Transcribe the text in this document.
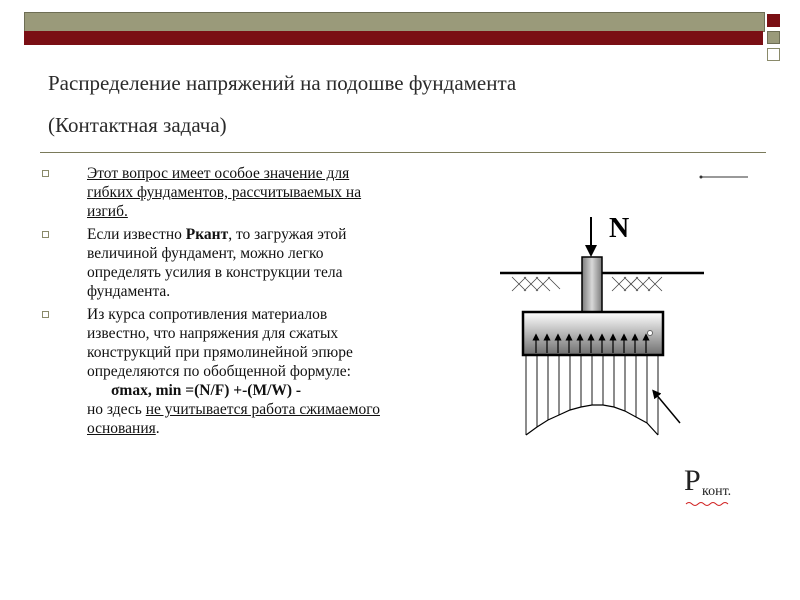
Распределение напряжений на подошве фундамента
(Контактная задача)
Этот вопрос имеет особое значение для гибких фундаментов, рассчитываемых на изгиб.
Если известно Ркант, то загружая этой величиной фундамент, можно легко определять усилия в конструкции тела фундамента.
Из курса сопротивления материалов известно, что напряжения для сжатых конструкций при прямолинейной эпюре определяются по обобщенной формуле:
σmax, min =(N/F) +-(M/W) -
но здесь не учитывается работа сжимаемого основания.
N
P конт.
